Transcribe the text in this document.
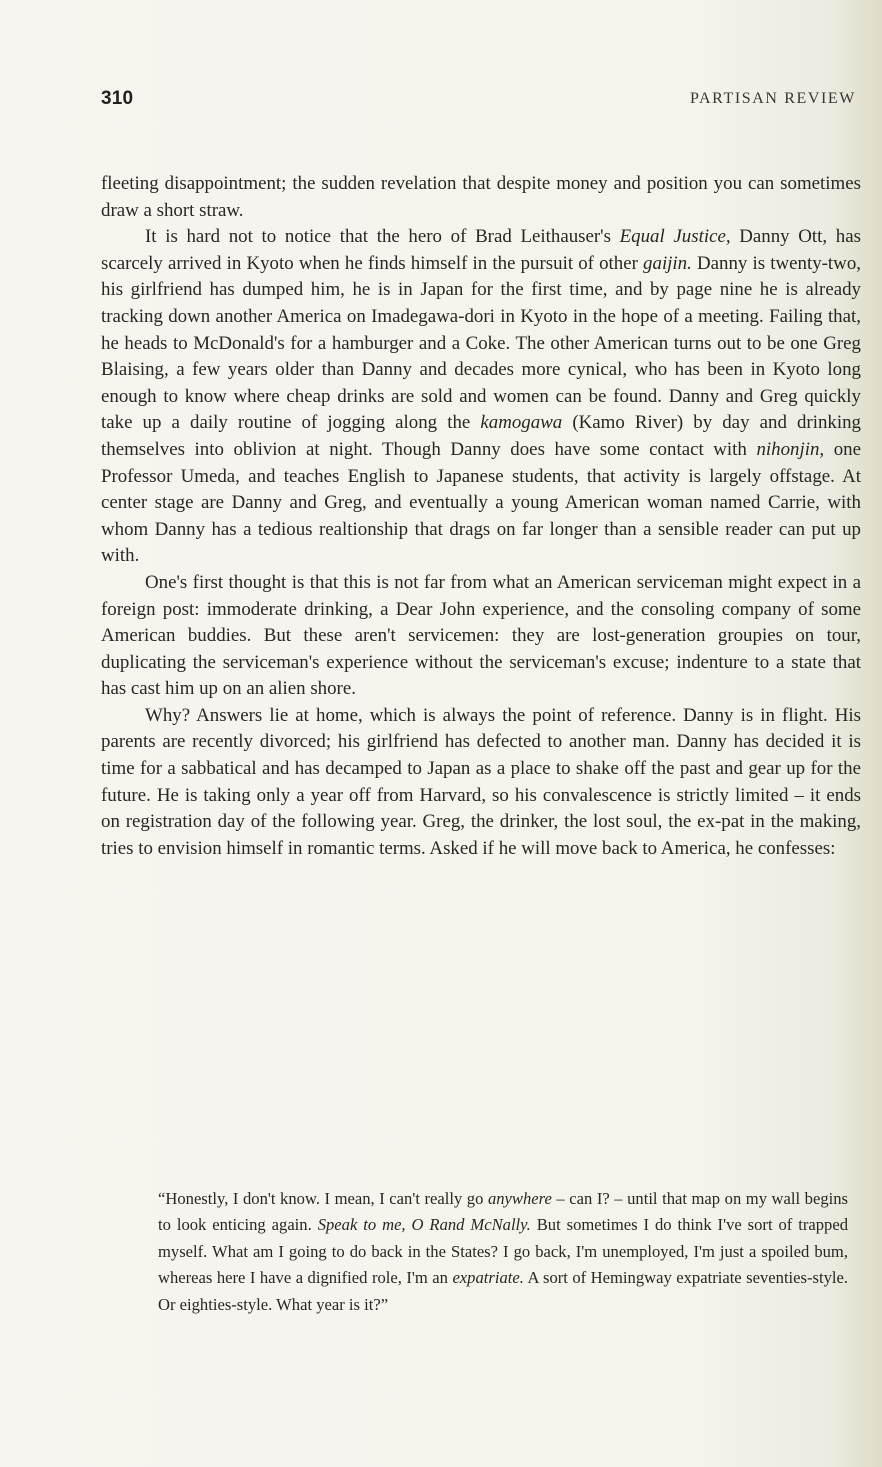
310	PARTISAN REVIEW

fleeting disappointment; the sudden revelation that despite money and position you can sometimes draw a short straw.

It is hard not to notice that the hero of Brad Leithauser's Equal Justice, Danny Ott, has scarcely arrived in Kyoto when he finds himself in the pursuit of other gaijin. Danny is twenty-two, his girlfriend has dumped him, he is in Japan for the first time, and by page nine he is already tracking down another America on Imadegawa-dori in Kyoto in the hope of a meeting. Failing that, he heads to McDonald's for a hamburger and a Coke. The other American turns out to be one Greg Blaising, a few years older than Danny and decades more cynical, who has been in Kyoto long enough to know where cheap drinks are sold and women can be found. Danny and Greg quickly take up a daily routine of jogging along the kamogawa (Kamo River) by day and drinking themselves into oblivion at night. Though Danny does have some contact with nihonjin, one Professor Umeda, and teaches English to Japanese students, that activity is largely offstage. At center stage are Danny and Greg, and eventually a young American woman named Carrie, with whom Danny has a tedious realtionship that drags on far longer than a sensible reader can put up with.

One's first thought is that this is not far from what an American serviceman might expect in a foreign post: immoderate drinking, a Dear John experience, and the consoling company of some American buddies. But these aren't servicemen: they are lost-generation groupies on tour, duplicating the serviceman's experience without the serviceman's excuse; indenture to a state that has cast him up on an alien shore.

Why? Answers lie at home, which is always the point of reference. Danny is in flight. His parents are recently divorced; his girlfriend has defected to another man. Danny has decided it is time for a sabbatical and has decamped to Japan as a place to shake off the past and gear up for the future. He is taking only a year off from Harvard, so his convalescence is strictly limited – it ends on registration day of the following year. Greg, the drinker, the lost soul, the ex-pat in the making, tries to envision himself in romantic terms. Asked if he will move back to America, he confesses:

“Honestly, I don't know. I mean, I can't really go anywhere – can I? – until that map on my wall begins to look enticing again. Speak to me, O Rand McNally. But sometimes I do think I've sort of trapped myself. What am I going to do back in the States? I go back, I'm unemployed, I'm just a spoiled bum, whereas here I have a dignified role, I'm an expatriate. A sort of Hemingway expatriate seventies-style. Or eighties-style. What year is it?”
